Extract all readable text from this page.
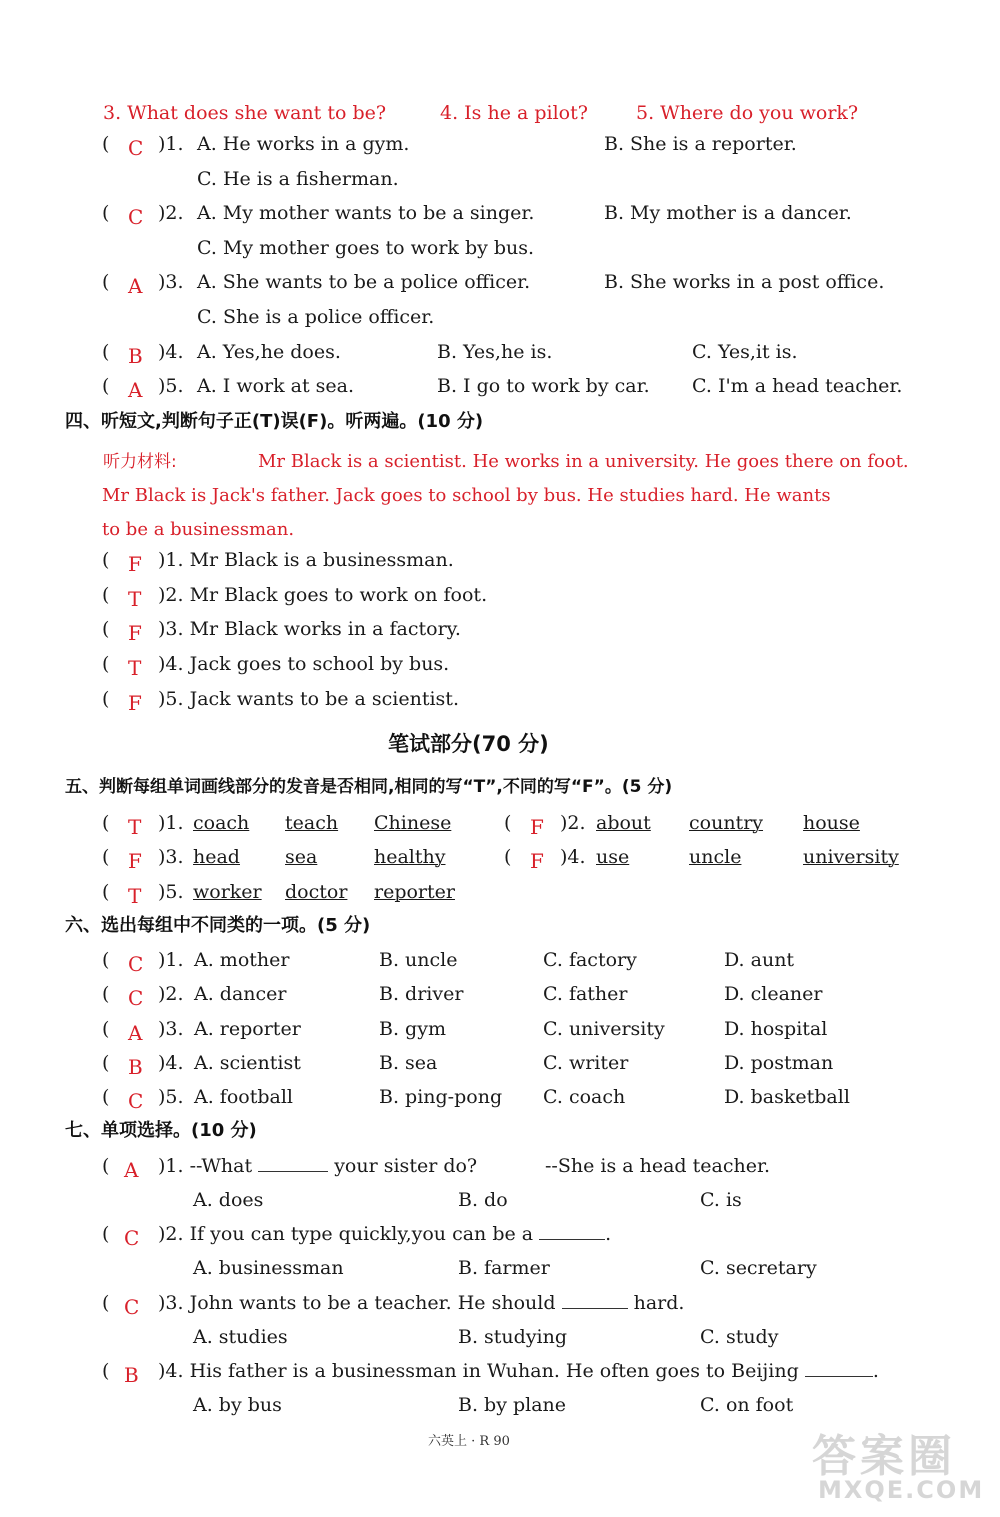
3. What does she want to be?	4. Is he a pilot?	5. Where do you work?
( C )1. A. He works in a gym.	B. She is a reporter.
C. He is a fisherman.
( C )2. A. My mother wants to be a singer.	B. My mother is a dancer.
C. My mother goes to work by bus.
( A )3. A. She wants to be a police officer.	B. She works in a post office.
C. She is a police officer.
( B )4. A. Yes,he does.	B. Yes,he is.	C. Yes,it is.
( A )5. A. I work at sea.	B. I go to work by car. C. I'm a head teacher.
四、听短文,判断句子正(T)误(F)。听两遍。(10 分)
听力材料:	Mr Black is a scientist. He works in a university. He goes there on foot.
Mr Black is Jack's father. Jack goes to school by bus. He studies hard. He wants
to be a businessman.
( F )1. Mr Black is a businessman.
( T )2. Mr Black goes to work on foot.
( F )3. Mr Black works in a factory.
( T )4. Jack goes to school by bus.
( F )5. Jack wants to be a scientist.
笔试部分(70 分)
五、判断每组单词画线部分的发音是否相同,相同的写“T”,不同的写“F”。(5 分)
( T )1. coach teach Chinese	( F )2. about country house
( F )3. head sea	healthy	( F )4. use	uncle	university
( T )5. worker doctor reporter
六、选出每组中不同类的一项。(5 分)
( C )1. A. mother	B. uncle	C. factory	D. aunt
( C )2. A. dancer	B. driver	C. father	D. cleaner
( A )3. A. reporter	B. gym	C. university	D. hospital
( B )4. A. scientist	B. sea	C. writer	D. postman
( C )5. A. football	B. ping-pong C. coach	D. basketball
七、单项选择。(10 分)
( A )1. --What	your sister do?	--She is a head teacher.
A. does	B. do	C. is
( C )2. If you can type quickly,you can be a	.
A. businessman	B. farmer	C. secretary
( C )3. John wants to be a teacher. He should	hard.
A. studies	B. studying	C. study
( B )4. His father is a businessman in Wuhan. He often goes to Beijing	.
A. by bus	B. by plane	C. on foot
六英上 · R 90	答案圈
MXQE.COM
